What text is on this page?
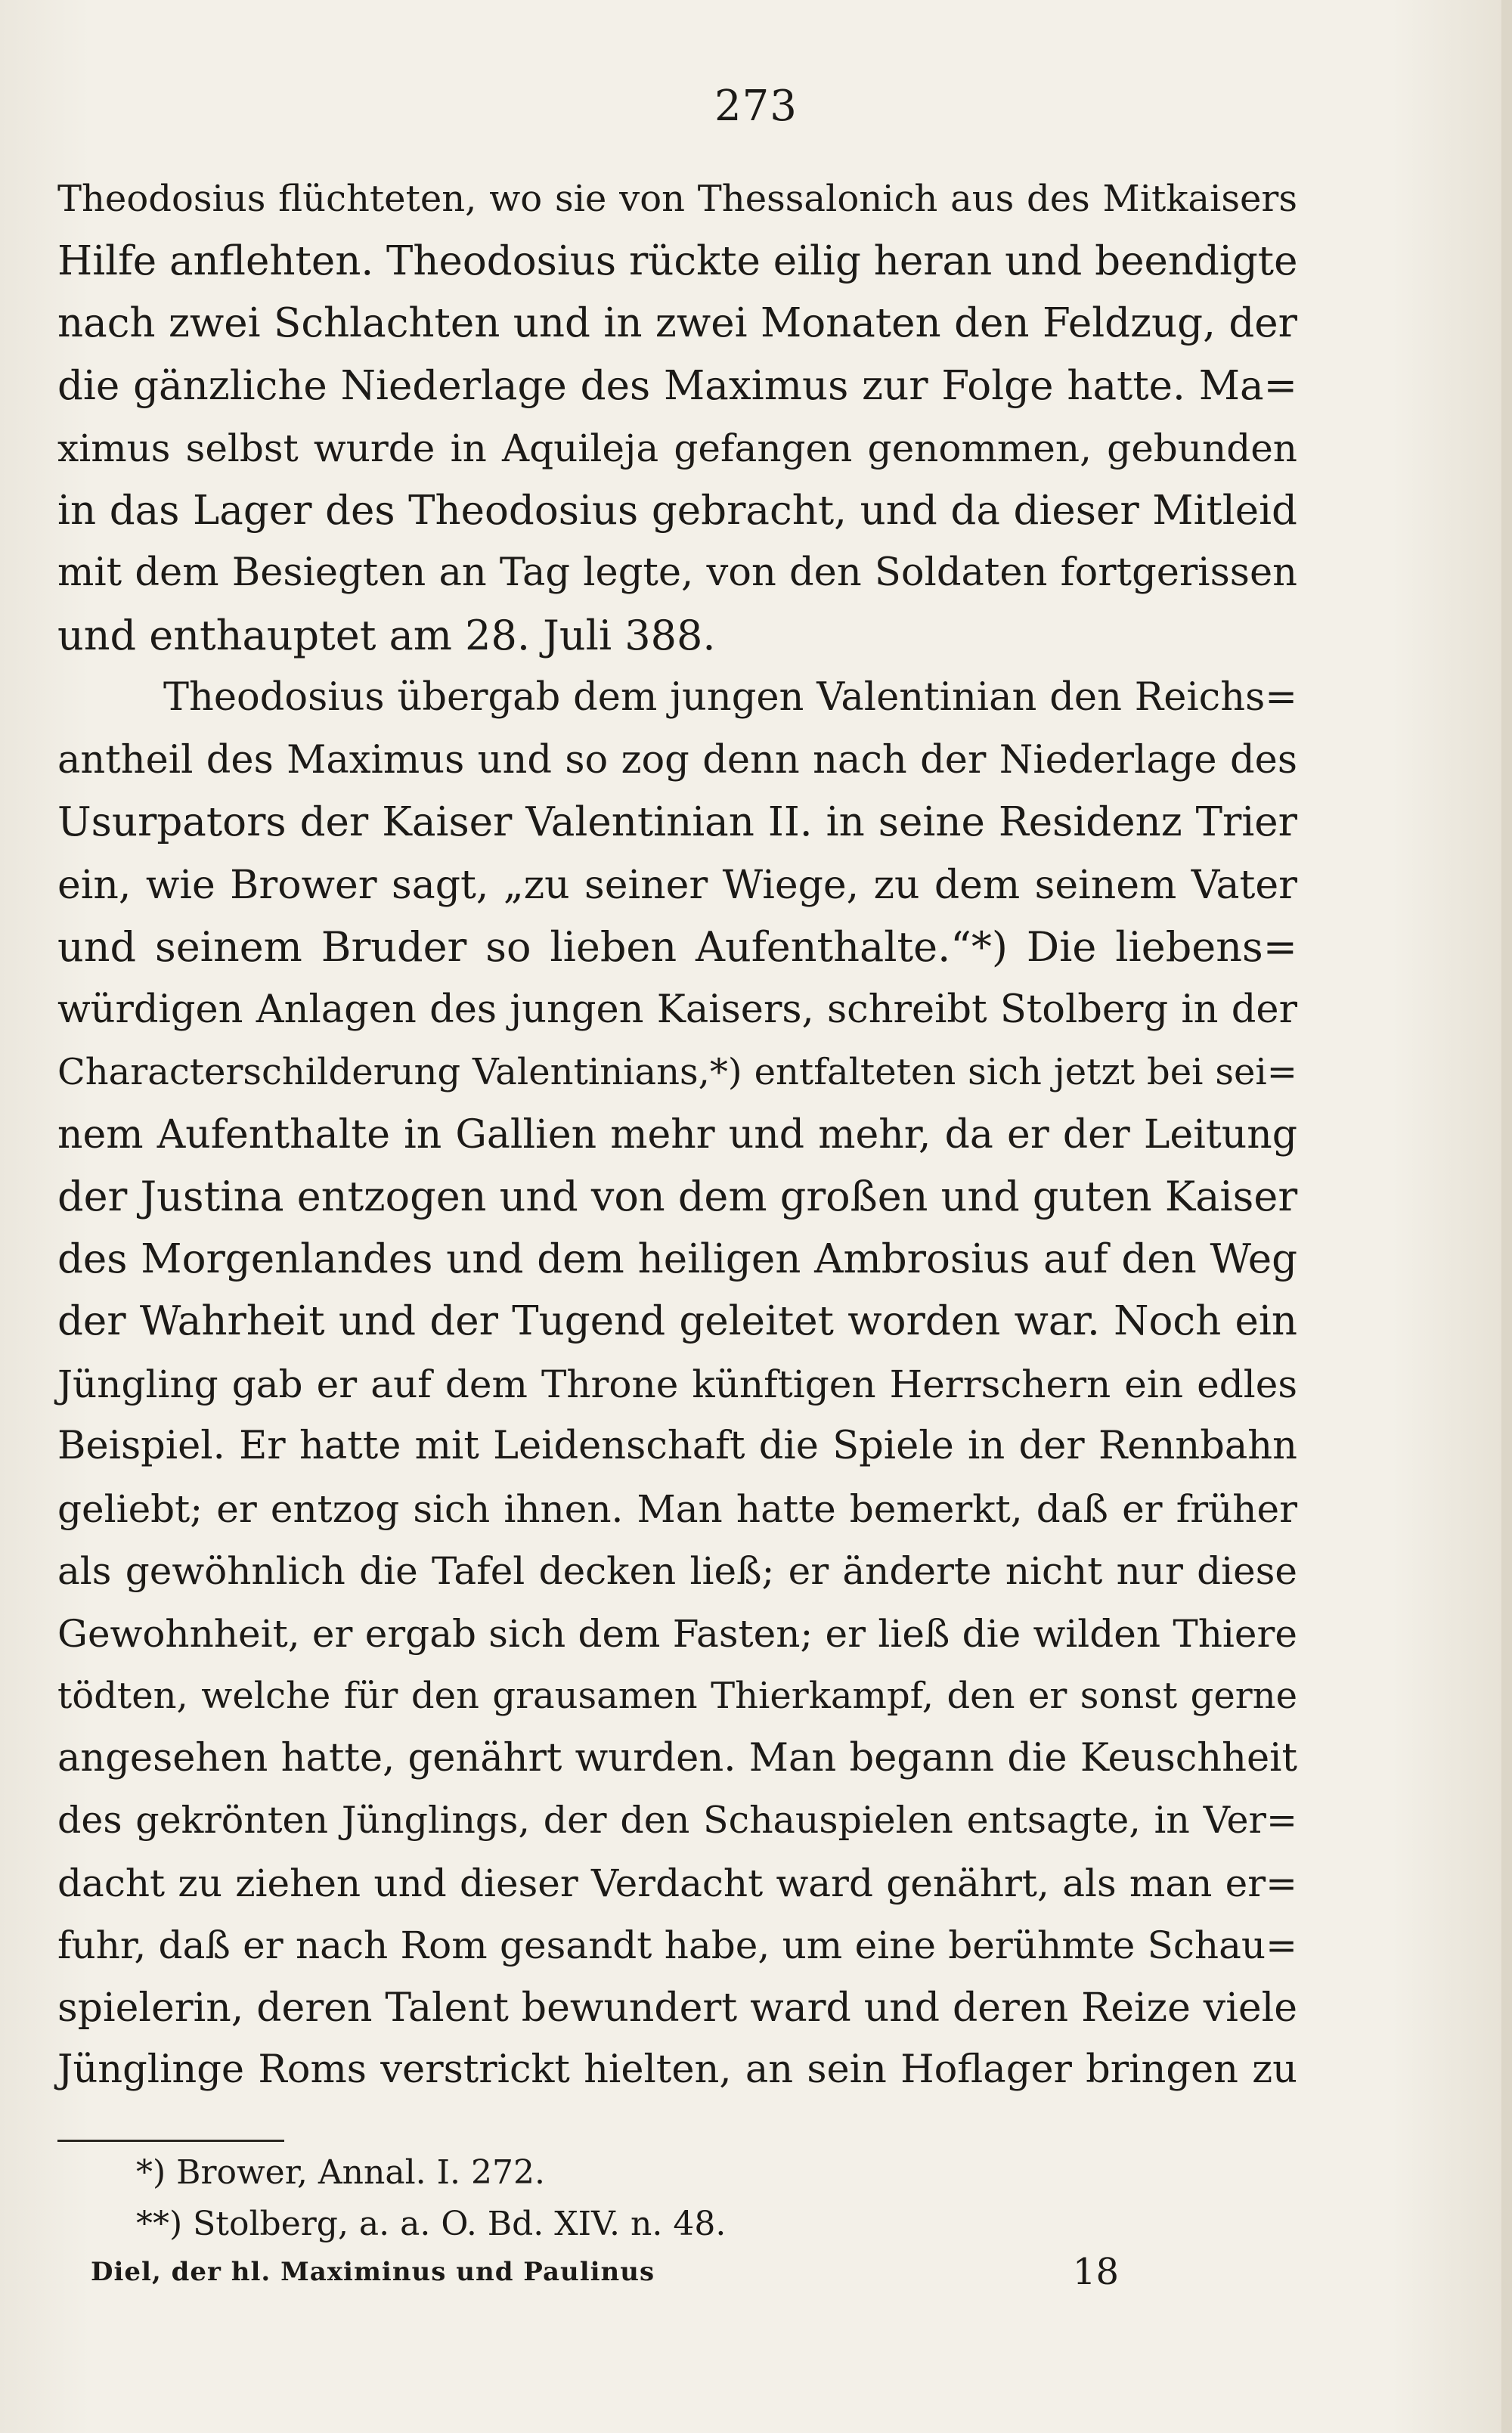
273
Theodosius flüchteten, wo sie von Thessalonich aus des Mitkaisers
Hilfe anflehten. Theodosius rückte eilig heran und beendigte
nach zwei Schlachten und in zwei Monaten den Feldzug, der
die gänzliche Niederlage des Maximus zur Folge hatte. Ma=
ximus selbst wurde in Aquileja gefangen genommen, gebunden
in das Lager des Theodosius gebracht, und da dieser Mitleid
mit dem Besiegten an Tag legte, von den Soldaten fortgerissen
und enthauptet am 28. Juli 388.
Theodosius übergab dem jungen Valentinian den Reichs=
antheil des Maximus und so zog denn nach der Niederlage des
Usurpators der Kaiser Valentinian II. in seine Residenz Trier
ein, wie Brower sagt, „zu seiner Wiege, zu dem seinem Vater
und seinem Bruder so lieben Aufenthalte.“*) Die liebens=
würdigen Anlagen des jungen Kaisers, schreibt Stolberg in der
Characterschilderung Valentinians,*) entfalteten sich jetzt bei sei=
nem Aufenthalte in Gallien mehr und mehr, da er der Leitung
der Justina entzogen und von dem großen und guten Kaiser
des Morgenlandes und dem heiligen Ambrosius auf den Weg
der Wahrheit und der Tugend geleitet worden war. Noch ein
Jüngling gab er auf dem Throne künftigen Herrschern ein edles
Beispiel. Er hatte mit Leidenschaft die Spiele in der Rennbahn
geliebt; er entzog sich ihnen. Man hatte bemerkt, daß er früher
als gewöhnlich die Tafel decken ließ; er änderte nicht nur diese
Gewohnheit, er ergab sich dem Fasten; er ließ die wilden Thiere
tödten, welche für den grausamen Thierkampf, den er sonst gerne
angesehen hatte, genährt wurden. Man begann die Keuschheit
des gekrönten Jünglings, der den Schauspielen entsagte, in Ver=
dacht zu ziehen und dieser Verdacht ward genährt, als man er=
fuhr, daß er nach Rom gesandt habe, um eine berühmte Schau=
spielerin, deren Talent bewundert ward und deren Reize viele
Jünglinge Roms verstrickt hielten, an sein Hoflager bringen zu
*) Brower, Annal. I. 272.
**) Stolberg, a. a. O. Bd. XIV. n. 48.
Diel, der hl. Maximinus und Paulinus	18
